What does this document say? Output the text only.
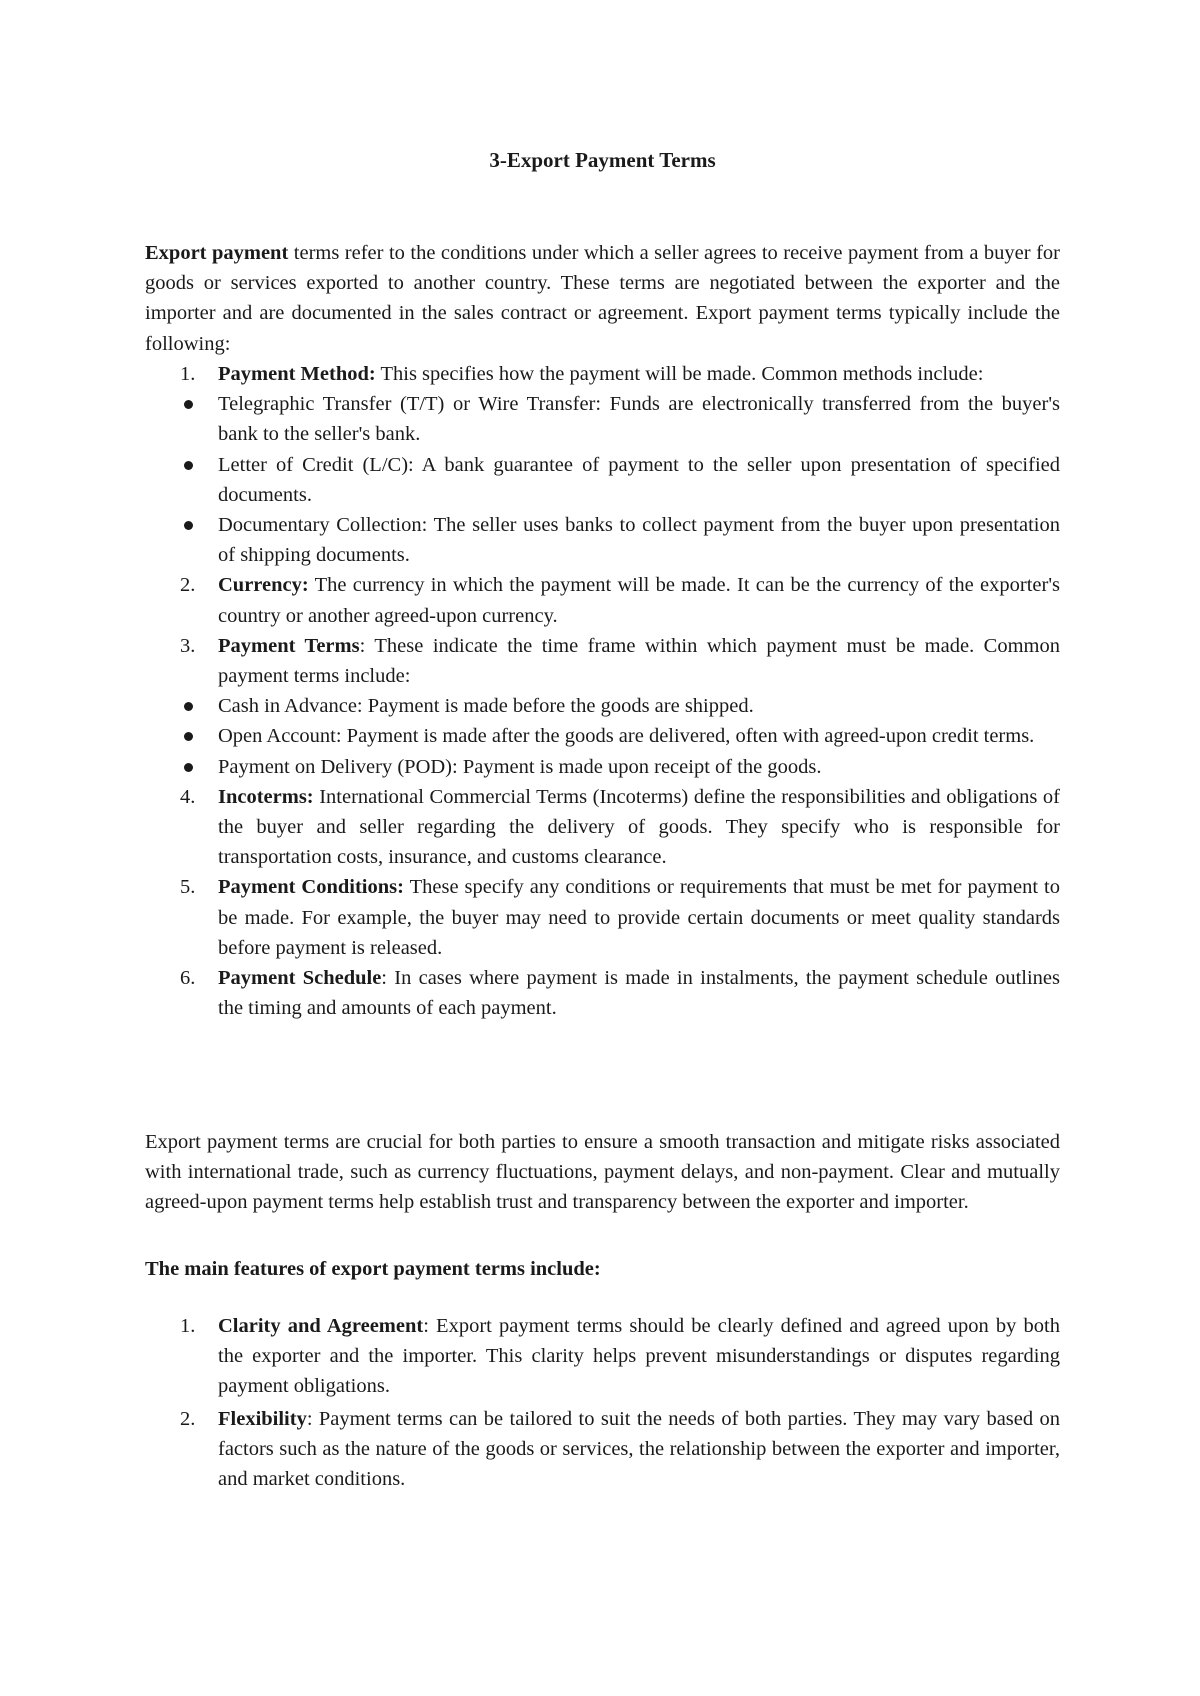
3-Export Payment Terms

Export payment terms refer to the conditions under which a seller agrees to receive payment from a buyer for goods or services exported to another country. These terms are negotiated between the exporter and the importer and are documented in the sales contract or agreement. Export payment terms typically include the following:

1.	Payment Method: This specifies how the payment will be made. Common methods include:
Telegraphic Transfer (T/T) or Wire Transfer: Funds are electronically transferred from the buyer's bank to the seller's bank.
Letter of Credit (L/C): A bank guarantee of payment to the seller upon presentation of specified documents.
Documentary Collection: The seller uses banks to collect payment from the buyer upon presentation of shipping documents.
2.	Currency: The currency in which the payment will be made. It can be the currency of the exporter's country or another agreed-upon currency.
3.	Payment Terms: These indicate the time frame within which payment must be made. Common payment terms include:
Cash in Advance: Payment is made before the goods are shipped.
Open Account: Payment is made after the goods are delivered, often with agreed-upon credit terms.
Payment on Delivery (POD): Payment is made upon receipt of the goods.
4.	Incoterms: International Commercial Terms (Incoterms) define the responsibilities and obligations of the buyer and seller regarding the delivery of goods. They specify who is responsible for transportation costs, insurance, and customs clearance.
5.	Payment Conditions: These specify any conditions or requirements that must be met for payment to be made. For example, the buyer may need to provide certain documents or meet quality standards before payment is released.
6.	Payment Schedule: In cases where payment is made in instalments, the payment schedule outlines the timing and amounts of each payment.

Export payment terms are crucial for both parties to ensure a smooth transaction and mitigate risks associated with international trade, such as currency fluctuations, payment delays, and non-payment. Clear and mutually agreed-upon payment terms help establish trust and transparency between the exporter and importer.

The main features of export payment terms include:

1.	Clarity and Agreement: Export payment terms should be clearly defined and agreed upon by both the exporter and the importer. This clarity helps prevent misunderstandings or disputes regarding payment obligations.
2.	Flexibility: Payment terms can be tailored to suit the needs of both parties. They may vary based on factors such as the nature of the goods or services, the relationship between the exporter and importer, and market conditions.
